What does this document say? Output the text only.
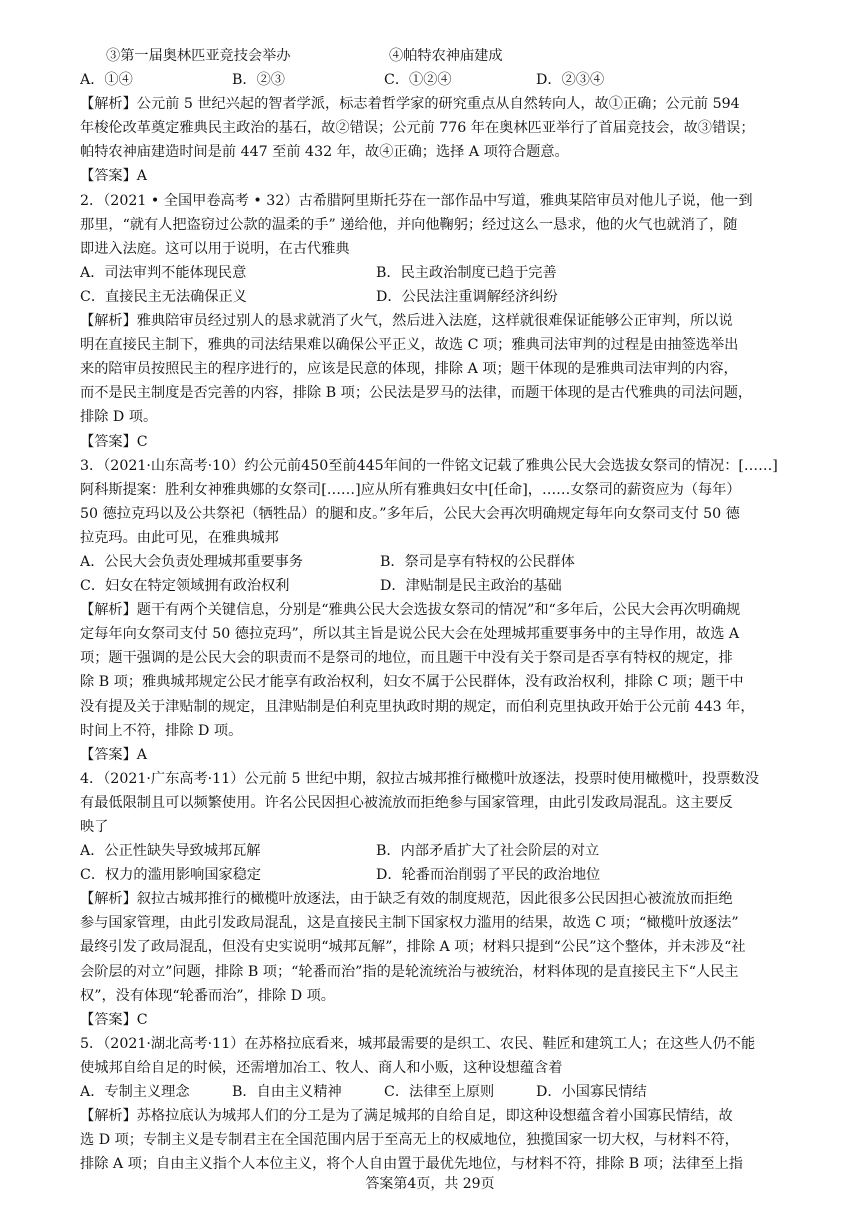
③第一届奥林匹亚竞技会举办	④帕特农神庙建成
A．①④	B．②③	C．①②④	D．②③④
【解析】公元前 5 世纪兴起的智者学派，标志着哲学家的研究重点从自然转向人，故①正确；公元前 594
年梭伦改革奠定雅典民主政治的基石，故②错误；公元前 776 年在奥林匹亚举行了首届竞技会，故③错误；
帕特农神庙建造时间是前 447 至前 432 年，故④正确；选择 A 项符合题意。
【答案】A
2．（2021 • 全国甲卷高考 • 32）古希腊阿里斯托芬在一部作品中写道，雅典某陪审员对他儿子说，他一到
那里，“就有人把盗窃过公款的温柔的手” 递给他，并向他鞠躬；经过这么一恳求，他的火气也就消了，随
即进入法庭。这可以用于说明，在古代雅典
A．司法审判不能体现民意	B．民主政治制度已趋于完善
C．直接民主无法确保正义	D．公民法注重调解经济纠纷
【解析】雅典陪审员经过别人的恳求就消了火气，然后进入法庭，这样就很难保证能够公正审判，所以说
明在直接民主制下，雅典的司法结果难以确保公平正义，故选 C 项；雅典司法审判的过程是由抽签选举出
来的陪审员按照民主的程序进行的，应该是民意的体现，排除 A 项；题干体现的是雅典司法审判的内容，
而不是民主制度是否完善的内容，排除 B 项；公民法是罗马的法律，而题干体现的是古代雅典的司法问题，
排除 D 项。
【答案】C
3．（2021·山东高考·10）约公元前450至前445年间的一件铭文记载了雅典公民大会选拔女祭司的情况：[……]
阿科斯提案：胜利女神雅典娜的女祭司[……]应从所有雅典妇女中[任命]，……女祭司的薪资应为（每年）
50 德拉克玛以及公共祭祀（牺牲品）的腿和皮。”多年后，公民大会再次明确规定每年向女祭司支付 50 德
拉克玛。由此可见，在雅典城邦
A．公民大会负责处理城邦重要事务	B．祭司是享有特权的公民群体
C．妇女在特定领域拥有政治权利	D．津贴制是民主政治的基础
【解析】题干有两个关键信息，分别是“雅典公民大会选拔女祭司的情况”和“多年后，公民大会再次明确规
定每年向女祭司支付 50 德拉克玛”，所以其主旨是说公民大会在处理城邦重要事务中的主导作用，故选 A
项；题干强调的是公民大会的职责而不是祭司的地位，而且题干中没有关于祭司是否享有特权的规定，排
除 B 项；雅典城邦规定公民才能享有政治权利，妇女不属于公民群体，没有政治权利，排除 C 项；题干中
没有提及关于津贴制的规定，且津贴制是伯利克里执政时期的规定，而伯利克里执政开始于公元前 443 年，
时间上不符，排除 D 项。
【答案】A
4．（2021·广东高考·11）公元前 5 世纪中期，叙拉古城邦推行橄榄叶放逐法，投票时使用橄榄叶，投票数没
有最低限制且可以频繁使用。许名公民因担心被流放而拒绝参与国家管理，由此引发政局混乱。这主要反
映了
A．公正性缺失导致城邦瓦解	B．内部矛盾扩大了社会阶层的对立
C．权力的滥用影响国家稳定	D．轮番而治削弱了平民的政治地位
【解析】叙拉古城邦推行的橄榄叶放逐法，由于缺乏有效的制度规范，因此很多公民因担心被流放而拒绝
参与国家管理，由此引发政局混乱，这是直接民主制下国家权力滥用的结果，故选 C 项；“橄榄叶放逐法”
最终引发了政局混乱，但没有史实说明“城邦瓦解”，排除 A 项；材料只提到“公民”这个整体，并未涉及“社
会阶层的对立”问题，排除 B 项；“轮番而治”指的是轮流统治与被统治，材料体现的是直接民主下“人民主
权”，没有体现“轮番而治”，排除 D 项。
【答案】C
5．（2021·湖北高考·11）在苏格拉底看来，城邦最需要的是织工、农民、鞋匠和建筑工人；在这些人仍不能
使城邦自给自足的时候，还需增加冶工、牧人、商人和小贩，这种设想蕴含着
A．专制主义理念	B．自由主义精神	C．法律至上原则	D．小国寡民情结
【解析】苏格拉底认为城邦人们的分工是为了满足城邦的自给自足，即这种设想蕴含着小国寡民情结，故
选 D 项；专制主义是专制君主在全国范围内居于至高无上的权威地位，独揽国家一切大权，与材料不符，
排除 A 项；自由主义指个人本位主义，将个人自由置于最优先地位，与材料不符，排除 B 项；法律至上指
答案第4页，共 29页
